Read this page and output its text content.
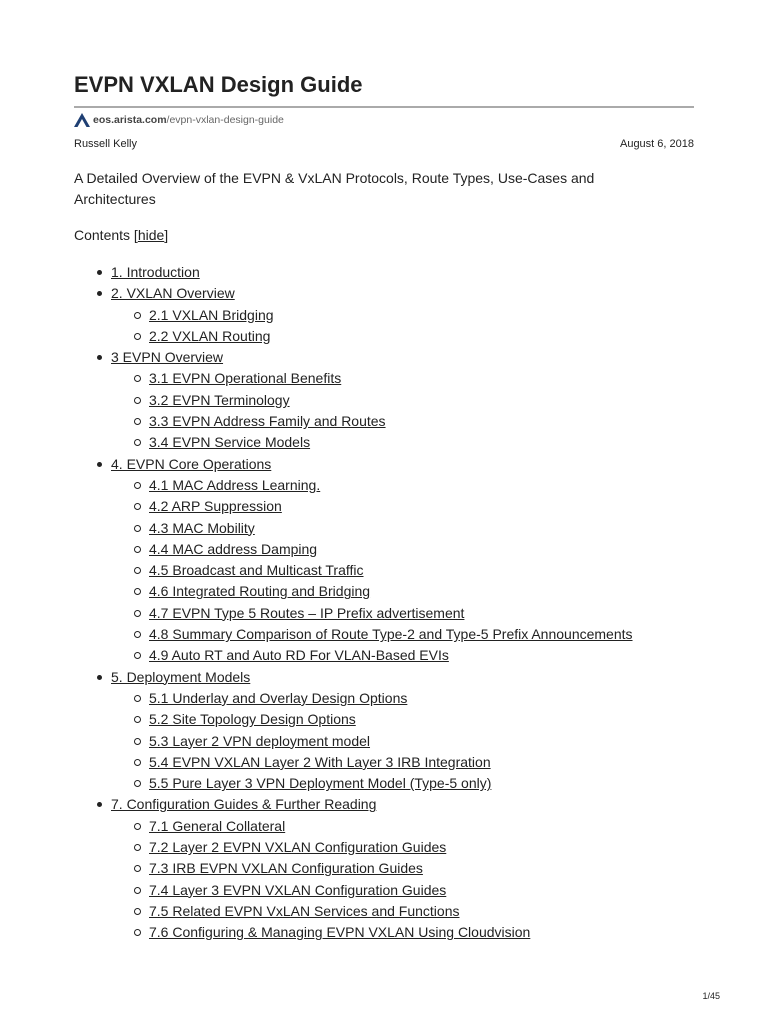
EVPN VXLAN Design Guide
eos.arista.com /evpn-vxlan-design-guide
Russell Kelly	August 6, 2018

A Detailed Overview of the EVPN & VxLAN Protocols, Route Types, Use-Cases and Architectures

Contents [hide]
1. Introduction
2. VXLAN Overview
2.1 VXLAN Bridging
2.2 VXLAN Routing
3 EVPN Overview
3.1 EVPN Operational Benefits
3.2 EVPN Terminology
3.3 EVPN Address Family and Routes
3.4 EVPN Service Models
4. EVPN Core Operations
4.1 MAC Address Learning.
4.2 ARP Suppression
4.3 MAC Mobility
4.4 MAC address Damping
4.5 Broadcast and Multicast Traffic
4.6 Integrated Routing and Bridging
4.7 EVPN Type 5 Routes – IP Prefix advertisement
4.8 Summary Comparison of Route Type-2 and Type-5 Prefix Announcements
4.9 Auto RT and Auto RD For VLAN-Based EVIs
5. Deployment Models
5.1 Underlay and Overlay Design Options
5.2 Site Topology Design Options
5.3 Layer 2 VPN deployment model
5.4 EVPN VXLAN Layer 2 With Layer 3 IRB Integration
5.5 Pure Layer 3 VPN Deployment Model (Type-5 only)
7. Configuration Guides & Further Reading
7.1 General Collateral
7.2 Layer 2 EVPN VXLAN Configuration Guides
7.3 IRB EVPN VXLAN Configuration Guides
7.4 Layer 3 EVPN VXLAN Configuration Guides
7.5 Related EVPN VxLAN Services and Functions
7.6 Configuring & Managing EVPN VXLAN Using Cloudvision
1/45
